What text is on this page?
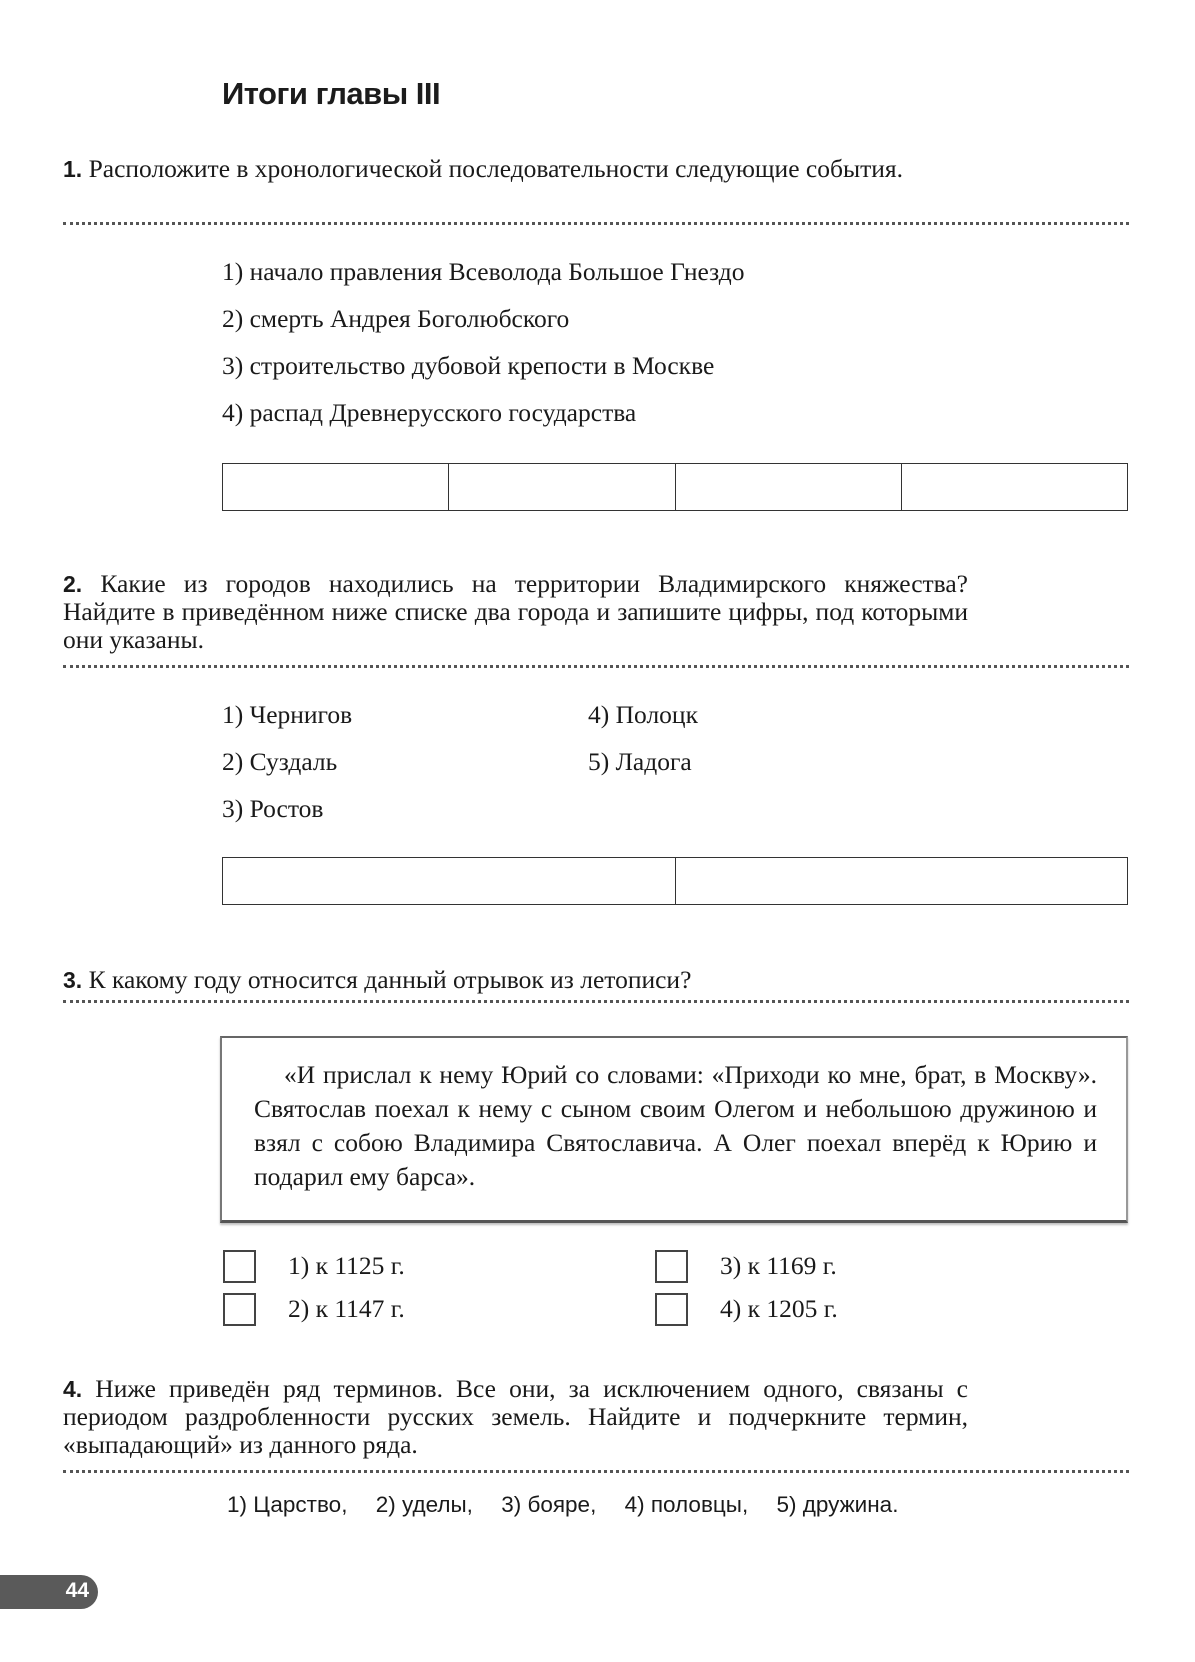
Итоги главы III
1. Расположите в хронологической последовательности следующие события.
1) начало правления Всеволода Большое Гнездо
2) смерть Андрея Боголюбского
3) строительство дубовой крепости в Москве
4) распад Древнерусского государства
2. Какие из городов находились на территории Владимирского княжества? Найдите в приведённом ниже списке два города и запишите цифры, под которыми они указаны.
1) Чернигов
2) Суздаль
3) Ростов
4) Полоцк
5) Ладога
3. К какому году относится данный отрывок из летописи?
«И прислал к нему Юрий со словами: «Приходи ко мне, брат, в Москву». Святослав поехал к нему с сыном своим Олегом и небольшою дружиною и взял с собою Владимира Святославича. А Олег поехал вперёд к Юрию и подарил ему барса».
1) к 1125 г.
2) к 1147 г.
3) к 1169 г.
4) к 1205 г.
4. Ниже приведён ряд терминов. Все они, за исключением одного, связаны с периодом раздробленности русских земель. Найдите и подчеркните термин, «выпадающий» из данного ряда.
1) Царство, 2) уделы, 3) бояре, 4) половцы, 5) дружина.
44
